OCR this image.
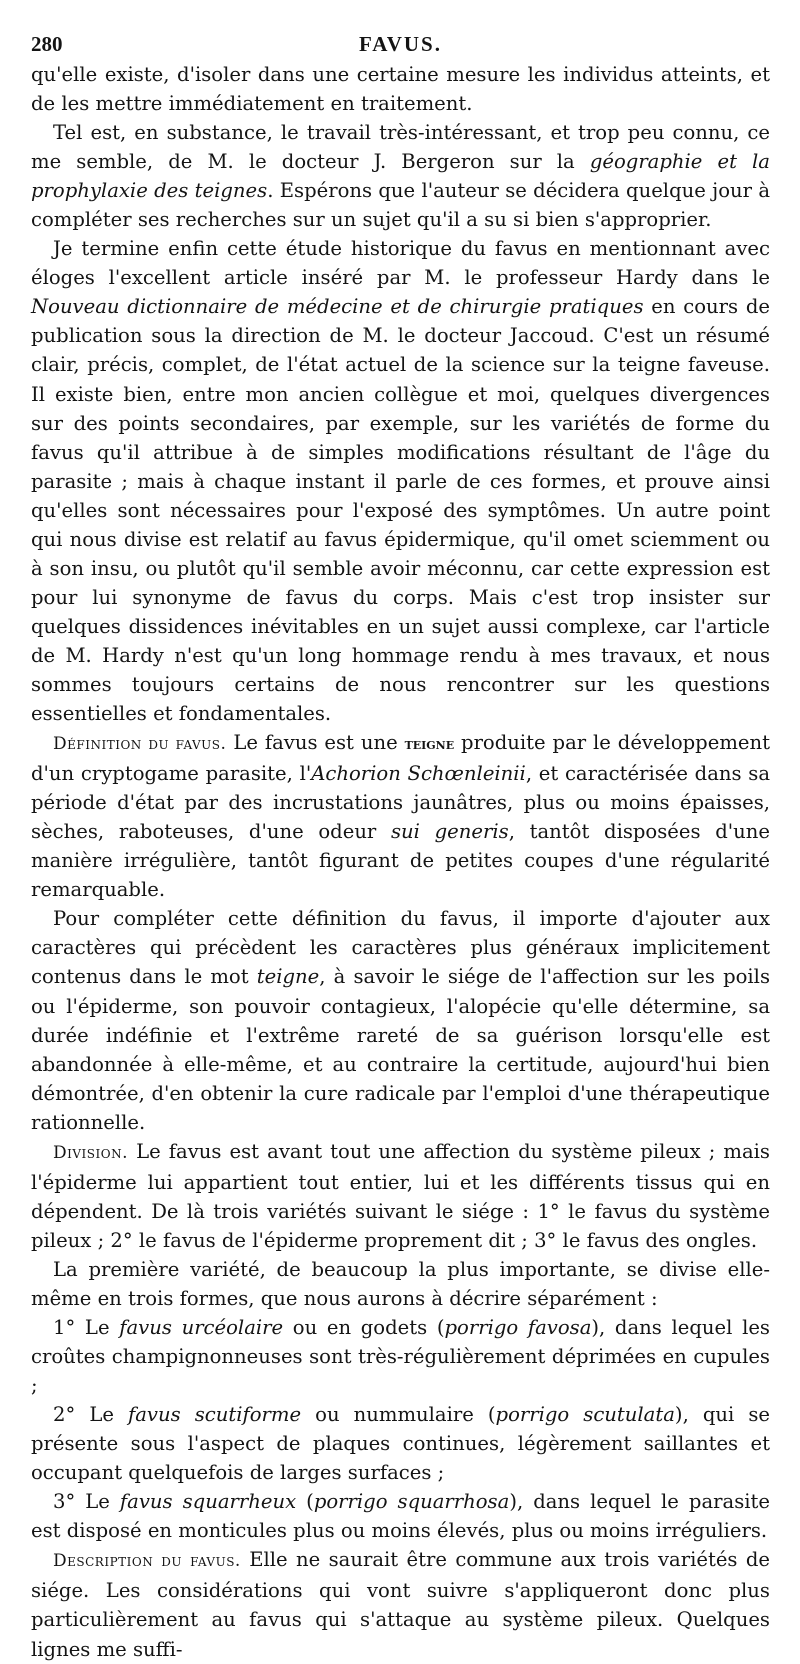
280	FAVUS.

qu'elle existe, d'isoler dans une certaine mesure les individus atteints, et de les mettre immédiatement en traitement.

Tel est, en substance, le travail très-intéressant, et trop peu connu, ce me semble, de M. le docteur J. Bergeron sur la géographie et la prophylaxie des teignes. Espérons que l'auteur se décidera quelque jour à compléter ses recherches sur un sujet qu'il a su si bien s'approprier.

Je termine enfin cette étude historique du favus en mentionnant avec éloges l'excellent article inséré par M. le professeur Hardy dans le Nouveau dictionnaire de médecine et de chirurgie pratiques en cours de publication sous la direction de M. le docteur Jaccoud. C'est un résumé clair, précis, complet, de l'état actuel de la science sur la teigne faveuse. Il existe bien, entre mon ancien collègue et moi, quelques divergences sur des points secondaires, par exemple, sur les variétés de forme du favus qu'il attribue à de simples modifications résultant de l'âge du parasite ; mais à chaque instant il parle de ces formes, et prouve ainsi qu'elles sont nécessaires pour l'exposé des symptômes. Un autre point qui nous divise est relatif au favus épidermique, qu'il omet sciemment ou à son insu, ou plutôt qu'il semble avoir méconnu, car cette expression est pour lui synonyme de favus du corps. Mais c'est trop insister sur quelques dissidences inévitables en un sujet aussi complexe, car l'article de M. Hardy n'est qu'un long hommage rendu à mes travaux, et nous sommes toujours certains de nous rencontrer sur les questions essentielles et fondamentales.

Définition du favus. Le favus est une teigne produite par le développement d'un cryptogame parasite, l'Achorion Schœnleinii, et caractérisée dans sa période d'état par des incrustations jaunâtres, plus ou moins épaisses, sèches, raboteuses, d'une odeur sui generis, tantôt disposées d'une manière irrégulière, tantôt figurant de petites coupes d'une régularité remarquable.

Pour compléter cette définition du favus, il importe d'ajouter aux caractères qui précèdent les caractères plus généraux implicitement contenus dans le mot teigne, à savoir le siége de l'affection sur les poils ou l'épiderme, son pouvoir contagieux, l'alopécie qu'elle détermine, sa durée indéfinie et l'extrême rareté de sa guérison lorsqu'elle est abandonnée à elle-même, et au contraire la certitude, aujourd'hui bien démontrée, d'en obtenir la cure radicale par l'emploi d'une thérapeutique rationnelle.

Division. Le favus est avant tout une affection du système pileux ; mais l'épiderme lui appartient tout entier, lui et les différents tissus qui en dépendent. De là trois variétés suivant le siége : 1° le favus du système pileux ; 2° le favus de l'épiderme proprement dit ; 3° le favus des ongles.

La première variété, de beaucoup la plus importante, se divise elle-même en trois formes, que nous aurons à décrire séparément :

1° Le favus urcéolaire ou en godets (porrigo favosa), dans lequel les croûtes champignonneuses sont très-régulièrement déprimées en cupules ;

2° Le favus scutiforme ou nummulaire (porrigo scutulata), qui se présente sous l'aspect de plaques continues, légèrement saillantes et occupant quelquefois de larges surfaces ;

3° Le favus squarrheux (porrigo squarrhosa), dans lequel le parasite est disposé en monticules plus ou moins élevés, plus ou moins irréguliers.

Description du favus. Elle ne saurait être commune aux trois variétés de siége. Les considérations qui vont suivre s'appliqueront donc plus particulièrement au favus qui s'attaque au système pileux. Quelques lignes me suffi-
